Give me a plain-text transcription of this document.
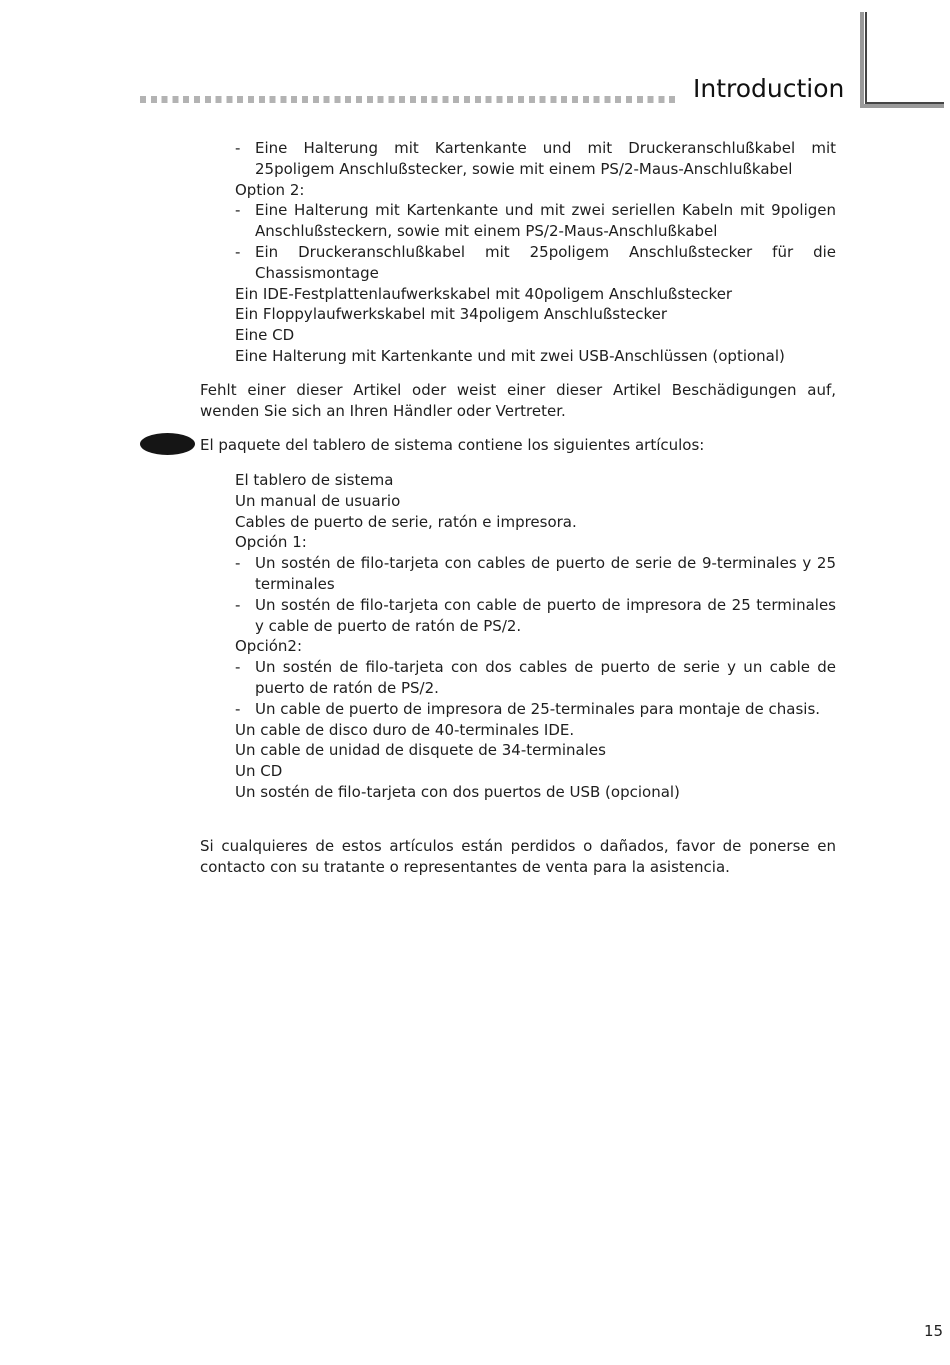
Introduction
- Eine Halterung mit Kartenkante und mit Druckeranschlußkabel mit 25poligem Anschlußstecker, sowie mit einem PS/2-Maus-Anschlußkabel
Option 2:
- Eine Halterung mit Kartenkante und mit zwei seriellen Kabeln mit 9poligen Anschlußsteckern, sowie mit einem PS/2-Maus-Anschlußkabel
- Ein Druckeranschlußkabel mit 25poligem Anschlußstecker für die Chassismontage
Ein IDE-Festplattenlaufwerkskabel mit 40poligem Anschlußstecker
Ein Floppylaufwerkskabel mit 34poligem Anschlußstecker
Eine CD
Eine Halterung mit Kartenkante und mit zwei USB-Anschlüssen (optional)
Fehlt einer dieser Artikel oder weist einer dieser Artikel Beschädigungen auf, wenden Sie sich an Ihren Händler oder Vertreter.
El paquete del tablero de sistema contiene los siguientes artículos:
El tablero de sistema
Un manual de usuario
Cables de puerto de serie, ratón e impresora.
Opción 1:
- Un sostén de filo-tarjeta con cables de puerto de serie de 9-terminales y 25 terminales
- Un sostén de filo-tarjeta con cable de puerto de impresora de 25 terminales y cable de puerto de ratón de PS/2.
Opción2:
- Un sostén de filo-tarjeta con dos cables de puerto de serie y un cable de puerto de ratón de PS/2.
- Un cable de puerto de impresora de 25-terminales para montaje de chasis.
Un cable de disco duro de 40-terminales IDE.
Un cable de unidad de disquete de 34-terminales
Un CD
Un sostén de filo-tarjeta con dos puertos de USB (opcional)
Si cualquieres de estos artículos están perdidos o dañados, favor de ponerse en contacto con su tratante o representantes de venta para la asistencia.
15
